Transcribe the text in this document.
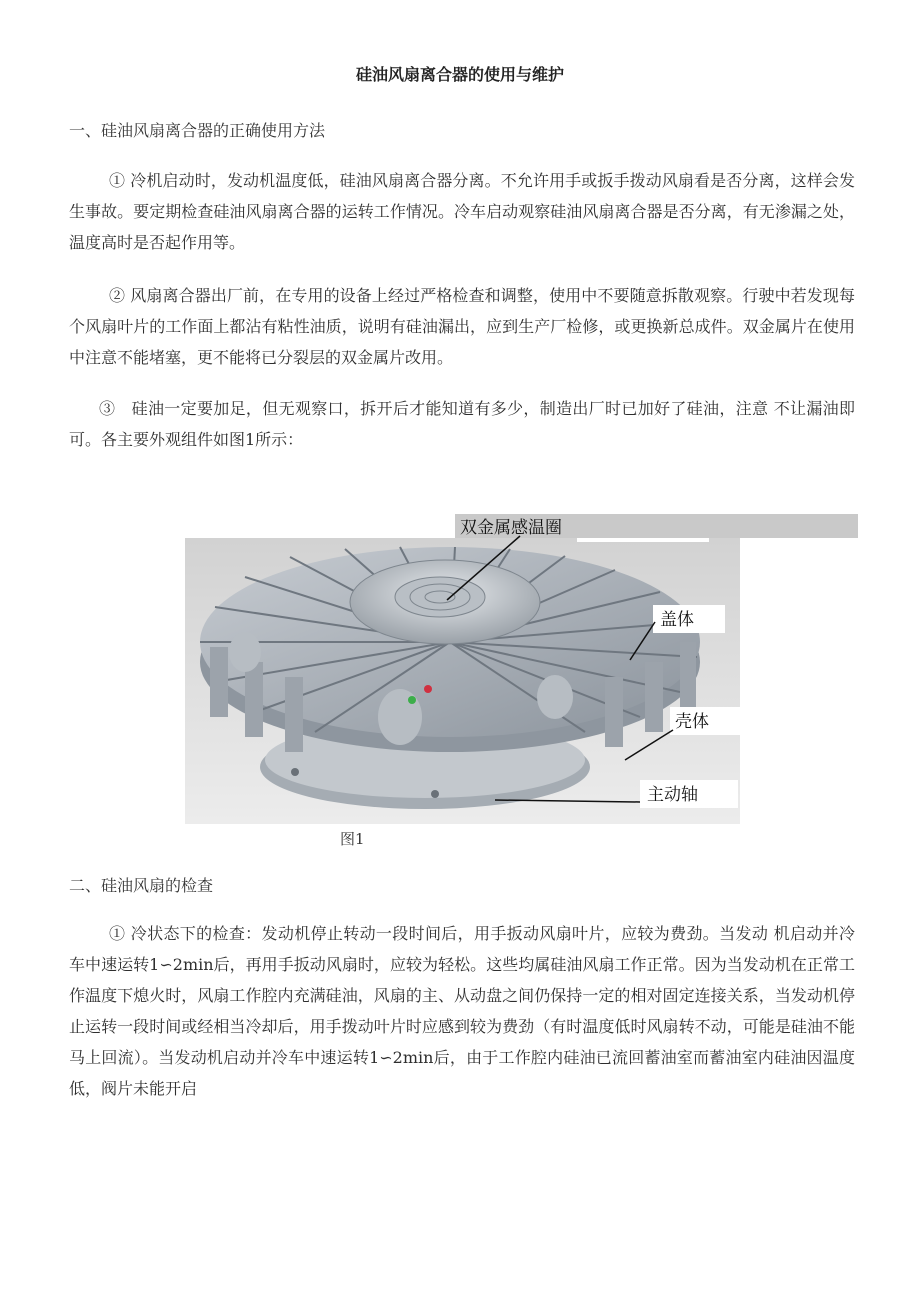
硅油风扇离合器的使用与维护
一、硅油风扇离合器的正确使用方法

① 冷机启动时，发动机温度低，硅油风扇离合器分离。不允许用手或扳手拨动风扇看是否分离，这样会发生事故。要定期检查硅油风扇离合器的运转工作情况。冷车启动观察硅油风扇离合器是否分离，有无渗漏之处，温度高时是否起作用等。

② 风扇离合器出厂前，在专用的设备上经过严格检查和调整，使用中不要随意拆散观察。行驶中若发现每个风扇叶片的工作面上都沾有粘性油质，说明有硅油漏出，应到生产厂检修，或更换新总成件。双金属片在使用中注意不能堵塞，更不能将已分裂层的双金属片改用。

③　硅油一定要加足，但无观察口，拆开后才能知道有多少，制造出厂时已加好了硅油，注意 不让漏油即可。各主要外观组件如图1所示：

双金属感温圈
盖体
壳体
主动轴
图1
二、硅油风扇的检查

① 冷状态下的检查：发动机停止转动一段时间后，用手扳动风扇叶片，应较为费劲。当发动 机启动并冷车中速运转1∽2min后，再用手扳动风扇时，应较为轻松。这些均属硅油风扇工作正常。因为当发动机在正常工作温度下熄火时，风扇工作腔内充满硅油，风扇的主、从动盘之间仍保持一定的相对固定连接关系，当发动机停止运转一段时间或经相当冷却后，用手拨动叶片时应感到较为费劲（有时温度低时风扇转不动，可能是硅油不能马上回流）。当发动机启动并冷车中速运转1∽2min后，由于工作腔内硅油已流回蓄油室而蓄油室内硅油因温度低，阀片未能开启
